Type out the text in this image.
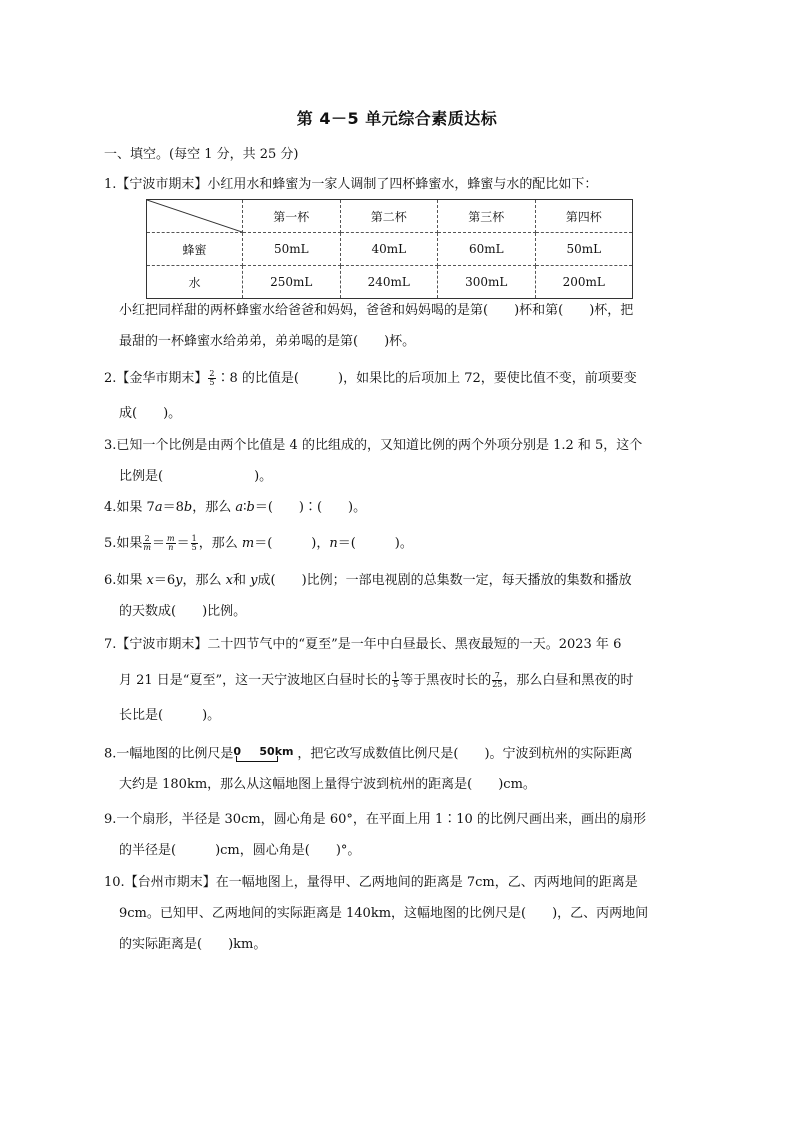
第 4－5 单元综合素质达标
一、填空。(每空 1 分，共 25 分)
1.【宁波市期末】小红用水和蜂蜜为一家人调制了四杯蜂蜜水，蜂蜜与水的配比如下：
	第一杯	第二杯	第三杯	第四杯
蜂蜜	50mL	40mL	60mL	50mL
水	250mL	240mL	300mL	200mL
小红把同样甜的两杯蜂蜜水给爸爸和妈妈，爸爸和妈妈喝的是第(　　)杯和第(　　)杯，把
最甜的一杯蜂蜜水给弟弟，弟弟喝的是第(　　)杯。
2.【金华市期末】 $\frac{2}{5}$ ∶8 的比值是(　　　)，如果比的后项加上 72，要使比值不变，前项要变
成(　　)。
3.已知一个比例是由两个比值是 4 的比组成的，又知道比例的两个外项分别是 1.2 和 5，这个
比例是(　　　　　　　)。
4.如果 7a＝8b，那么 a∶b＝(　　)∶(　　)。
5.如果 $\frac{2}{m} = \frac{m}{n} = \frac{1}{5}$ ，那么 m＝(　　　)，n＝(　　　)。
6.如果 x＝6y，那么 x和 y成(　　)比例；一部电视剧的总集数一定，每天播放的集数和播放
的天数成(　　)比例。
7.【宁波市期末】二十四节气中的“夏至”是一年中白昼最长、黑夜最短的一天。2023 年 6
月 21 日是“夏至”，这一天宁波地区白昼时长的 $\frac{1}{5}$ 等于黑夜时长的 $\frac{7}{25}$ ，那么白昼和黑夜的时
长比是(　　　)。
8.一幅地图的比例尺是 0 50km ，把它改写成数值比例尺是(　　)。宁波到杭州的实际距离
大约是 180km，那么从这幅地图上量得宁波到杭州的距离是(　　)cm。
9.一个扇形，半径是 30cm，圆心角是 60°，在平面上用 1∶10 的比例尺画出来，画出的扇形
的半径是(　　　)cm，圆心角是(　　)°。
10.【台州市期末】在一幅地图上，量得甲、乙两地间的距离是 7cm，乙、丙两地间的距离是
9cm。已知甲、乙两地间的实际距离是 140km，这幅地图的比例尺是(　　)，乙、丙两地间
的实际距离是(　　)km。
